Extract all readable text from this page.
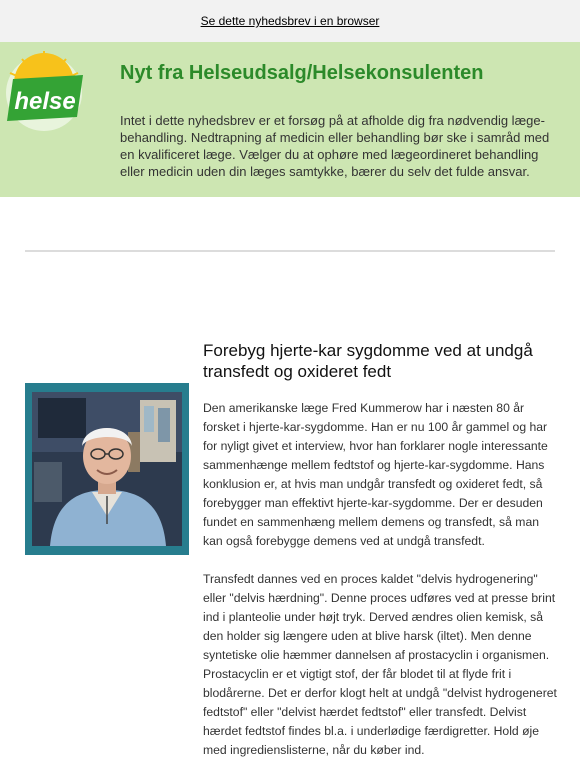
Se dette nyhedsbrev i en browser
helse
Nyt fra Helseudsalg/Helsekonsulenten
Intet i dette nyhedsbrev er et forsøg på at afholde dig fra nødvendig læge-behandling. Nedtrapning af medicin eller behandling bør ske i samråd med en kvalificeret læge. Vælger du at ophøre med lægeordineret behandling eller medicin uden din læges samtykke, bærer du selv det fulde ansvar.
Forebyg hjerte-kar sygdomme ved at undgå transfedt og oxideret fedt

Den amerikanske læge Fred Kummerow har i næsten 80 år forsket i hjerte-kar-sygdomme. Han er nu 100 år gammel og har for nyligt givet et interview, hvor han forklarer nogle interessante sammenhænge mellem fedtstof og hjerte-kar-sygdomme. Hans konklusion er, at hvis man undgår transfedt og oxideret fedt, så forebygger man effektivt hjerte-kar-sygdomme. Der er desuden fundet en sammenhæng mellem demens og transfedt, så man kan også forebygge demens ved at undgå transfedt.

Transfedt dannes ved en proces kaldet "delvis hydrogenering" eller "delvis hærdning". Denne proces udføres ved at presse brint ind i planteolie under højt tryk. Derved ændres olien kemisk, så den holder sig længere uden at blive harsk (iltet). Men denne syntetiske olie hæmmer dannelsen af prostacyclin i organismen. Prostacyclin er et vigtigt stof, der får blodet til at flyde frit i blodårerne. Det er derfor klogt helt at undgå "delvist hydrogeneret fedtstof" eller "delvist hærdet fedtstof" eller transfedt. Delvist hærdet fedtstof findes bl.a. i underlødige færdigretter. Hold øje med ingredienslisterne, når du køber ind.
